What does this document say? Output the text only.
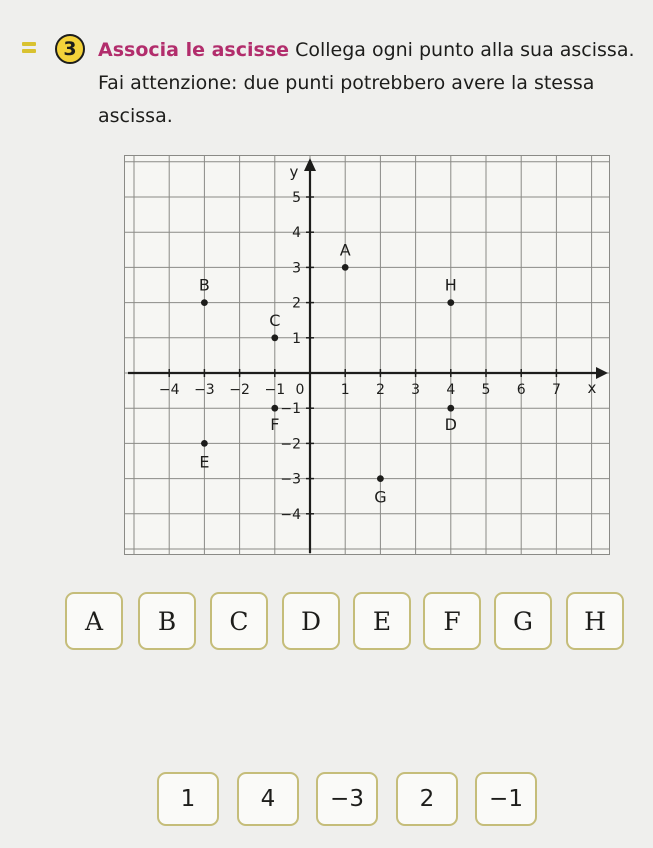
3	Associa le ascisse Collega ogni punto alla sua ascissa. Fai attenzione: due punti potrebbero avere la stessa ascissa.
x
y
−4 −3 −2 −1 0	1 2 3 4 5 6 7
5
4
3
2
1
−1
−2
−3
−4
A
B
C
D
E
F
G
H
A	B	C	D	E	F	G	H
1	4	−3	2	−1
